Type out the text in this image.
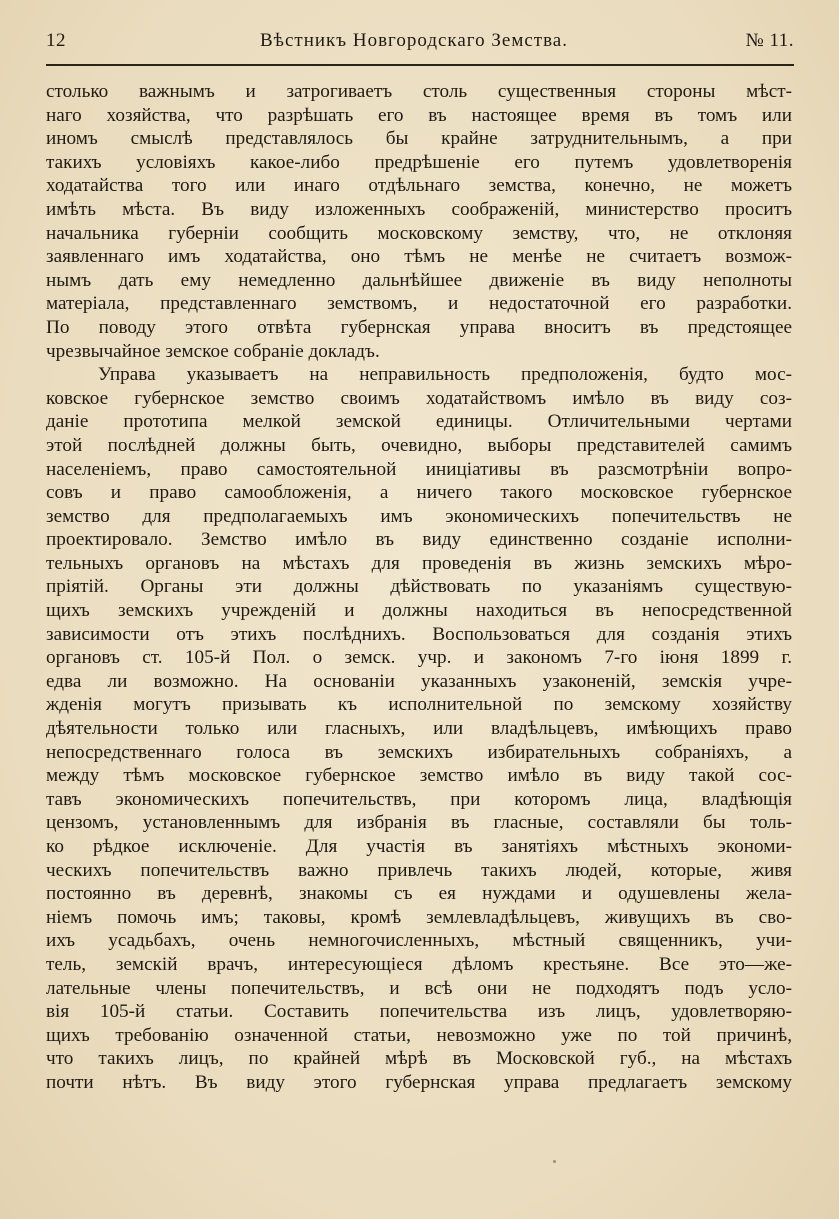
12	Вѣстникъ Новгородскаго Земства.	№ 11.
столько важнымъ и затрогиваетъ столь существенныя стороны мѣст-
наго хозяйства, что разрѣшать его въ настоящее время въ томъ или
иномъ смыслѣ представлялось бы крайне затруднительнымъ, а при
такихъ условіяхъ какое-либо предрѣшеніе его путемъ удовлетворенія
ходатайства того или инаго отдѣльнаго земства, конечно, не можетъ
имѣть мѣста. Въ виду изложенныхъ соображеній, министерство проситъ
начальника губерніи сообщить московскому земству, что, не отклоняя
заявленнаго имъ ходатайства, оно тѣмъ не менѣе не считаетъ возмож-
нымъ дать ему немедленно дальнѣйшее движеніе въ виду неполноты
матеріала, представленнаго земствомъ, и недостаточной его разработки.
По поводу этого отвѣта губернская управа вноситъ въ предстоящее
чрезвычайное земское собраніе докладъ.
Управа указываетъ на неправильность предположенія, будто мос-
ковское губернское земство своимъ ходатайствомъ имѣло въ виду соз-
даніе прототипа мелкой земской единицы. Отличительными чертами
этой послѣдней должны быть, очевидно, выборы представителей самимъ
населеніемъ, право самостоятельной иниціативы въ разсмотрѣніи вопро-
совъ и право самообложенія, а ничего такого московское губернское
земство для предполагаемыхъ имъ экономическихъ попечительствъ не
проектировало. Земство имѣло въ виду единственно созданіе исполни-
тельныхъ органовъ на мѣстахъ для проведенія въ жизнь земскихъ мѣро-
пріятій. Органы эти должны дѣйствовать по указаніямъ существую-
щихъ земскихъ учрежденій и должны находиться въ непосредственной
зависимости отъ этихъ послѣднихъ. Воспользоваться для созданія этихъ
органовъ ст. 105-й Пол. о земск. учр. и закономъ 7-го іюня 1899 г.
едва ли возможно. На основаніи указанныхъ узаконеній, земскія учре-
жденія могутъ призывать къ исполнительной по земскому хозяйству
дѣятельности только или гласныхъ, или владѣльцевъ, имѣющихъ право
непосредственнаго голоса въ земскихъ избирательныхъ собраніяхъ, а
между тѣмъ московское губернское земство имѣло въ виду такой сос-
тавъ экономическихъ попечительствъ, при которомъ лица, владѣющія
цензомъ, установленнымъ для избранія въ гласные, составляли бы толь-
ко рѣдкое исключеніе. Для участія въ занятіяхъ мѣстныхъ экономи-
ческихъ попечительствъ важно привлечь такихъ людей, которые, живя
постоянно въ деревнѣ, знакомы съ ея нуждами и одушевлены жела-
ніемъ помочь имъ; таковы, кромѣ землевладѣльцевъ, живущихъ въ сво-
ихъ усадьбахъ, очень немногочисленныхъ, мѣстный священникъ, учи-
тель, земскій врачъ, интересующіеся дѣломъ крестьяне. Все это—же-
лательные члены попечительствъ, и всѣ они не подходятъ подъ усло-
вія 105-й статьи. Составить попечительства изъ лицъ, удовлетворяю-
щихъ требованію означенной статьи, невозможно уже по той причинѣ,
что такихъ лицъ, по крайней мѣрѣ въ Московской губ., на мѣстахъ
почти нѣтъ. Въ виду этого губернская управа предлагаетъ земскому
